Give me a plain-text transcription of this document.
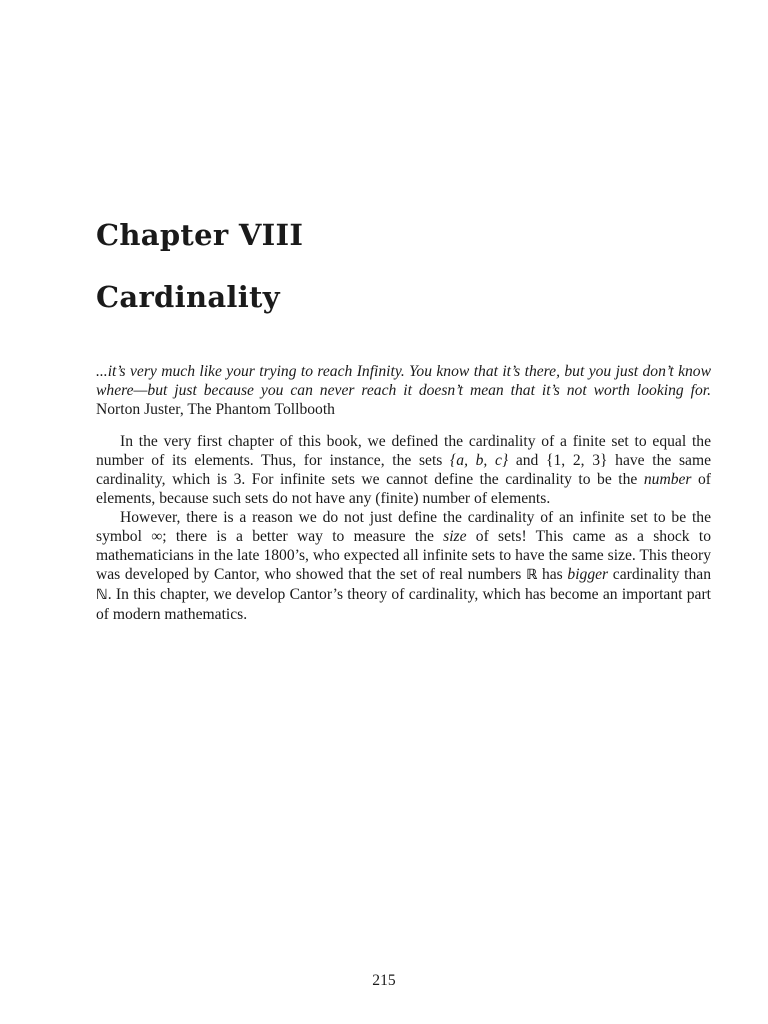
Chapter VIII
Cardinality
...it’s very much like your trying to reach Infinity. You know that it’s there, but you just don’t know where—but just because you can never reach it doesn’t mean that it’s not worth looking for. Norton Juster, The Phantom Tollbooth

In the very first chapter of this book, we defined the cardinality of a finite set to equal the number of its elements. Thus, for instance, the sets {a, b, c} and {1, 2, 3} have the same cardinality, which is 3. For infinite sets we cannot define the cardinality to be the number of elements, because such sets do not have any (finite) number of elements.

However, there is a reason we do not just define the cardinality of an infinite set to be the symbol ∞; there is a better way to measure the size of sets! This came as a shock to mathematicians in the late 1800’s, who expected all infinite sets to have the same size. This theory was developed by Cantor, who showed that the set of real numbers ℝ has bigger cardinality than ℕ. In this chapter, we develop Cantor’s theory of cardinality, which has become an important part of modern mathematics.

215
